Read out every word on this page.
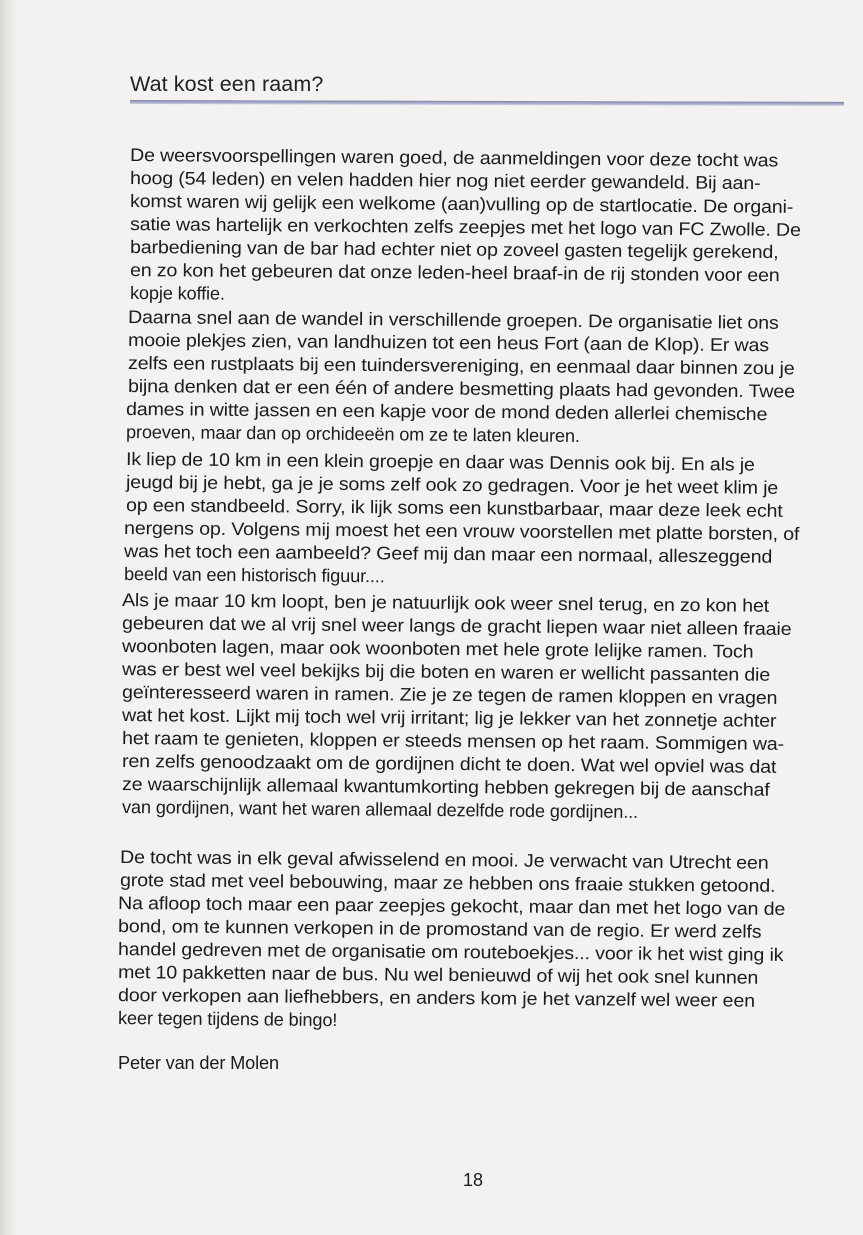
Wat kost een raam?
De weersvoorspellingen waren goed, de aanmeldingen voor deze tocht was
hoog (54 leden) en velen hadden hier nog niet eerder gewandeld. Bij aan-
komst waren wij gelijk een welkome (aan)vulling op de startlocatie. De organi-
satie was hartelijk en verkochten zelfs zeepjes met het logo van FC Zwolle. De
barbediening van de bar had echter niet op zoveel gasten tegelijk gerekend,
en zo kon het gebeuren dat onze leden-heel braaf-in de rij stonden voor een
kopje koffie.
Daarna snel aan de wandel in verschillende groepen. De organisatie liet ons
mooie plekjes zien, van landhuizen tot een heus Fort (aan de Klop). Er was
zelfs een rustplaats bij een tuindersvereniging, en eenmaal daar binnen zou je
bijna denken dat er een één of andere besmetting plaats had gevonden. Twee
dames in witte jassen en een kapje voor de mond deden allerlei chemische
proeven, maar dan op orchideeën om ze te laten kleuren.
Ik liep de 10 km in een klein groepje en daar was Dennis ook bij. En als je
jeugd bij je hebt, ga je je soms zelf ook zo gedragen. Voor je het weet klim je
op een standbeeld. Sorry, ik lijk soms een kunstbarbaar, maar deze leek echt
nergens op. Volgens mij moest het een vrouw voorstellen met platte borsten, of
was het toch een aambeeld? Geef mij dan maar een normaal, alleszeggend
beeld van een historisch figuur....
Als je maar 10 km loopt, ben je natuurlijk ook weer snel terug, en zo kon het
gebeuren dat we al vrij snel weer langs de gracht liepen waar niet alleen fraaie
woonboten lagen, maar ook woonboten met hele grote lelijke ramen. Toch
was er best wel veel bekijks bij die boten en waren er wellicht passanten die
geïnteresseerd waren in ramen. Zie je ze tegen de ramen kloppen en vragen
wat het kost. Lijkt mij toch wel vrij irritant; lig je lekker van het zonnetje achter
het raam te genieten, kloppen er steeds mensen op het raam. Sommigen wa-
ren zelfs genoodzaakt om de gordijnen dicht te doen. Wat wel opviel was dat
ze waarschijnlijk allemaal kwantumkorting hebben gekregen bij de aanschaf
van gordijnen, want het waren allemaal dezelfde rode gordijnen...
De tocht was in elk geval afwisselend en mooi. Je verwacht van Utrecht een
grote stad met veel bebouwing, maar ze hebben ons fraaie stukken getoond.
Na afloop toch maar een paar zeepjes gekocht, maar dan met het logo van de
bond, om te kunnen verkopen in de promostand van de regio. Er werd zelfs
handel gedreven met de organisatie om routeboekjes... voor ik het wist ging ik
met 10 pakketten naar de bus. Nu wel benieuwd of wij het ook snel kunnen
door verkopen aan liefhebbers, en anders kom je het vanzelf wel weer een
keer tegen tijdens de bingo!
Peter van der Molen
18
